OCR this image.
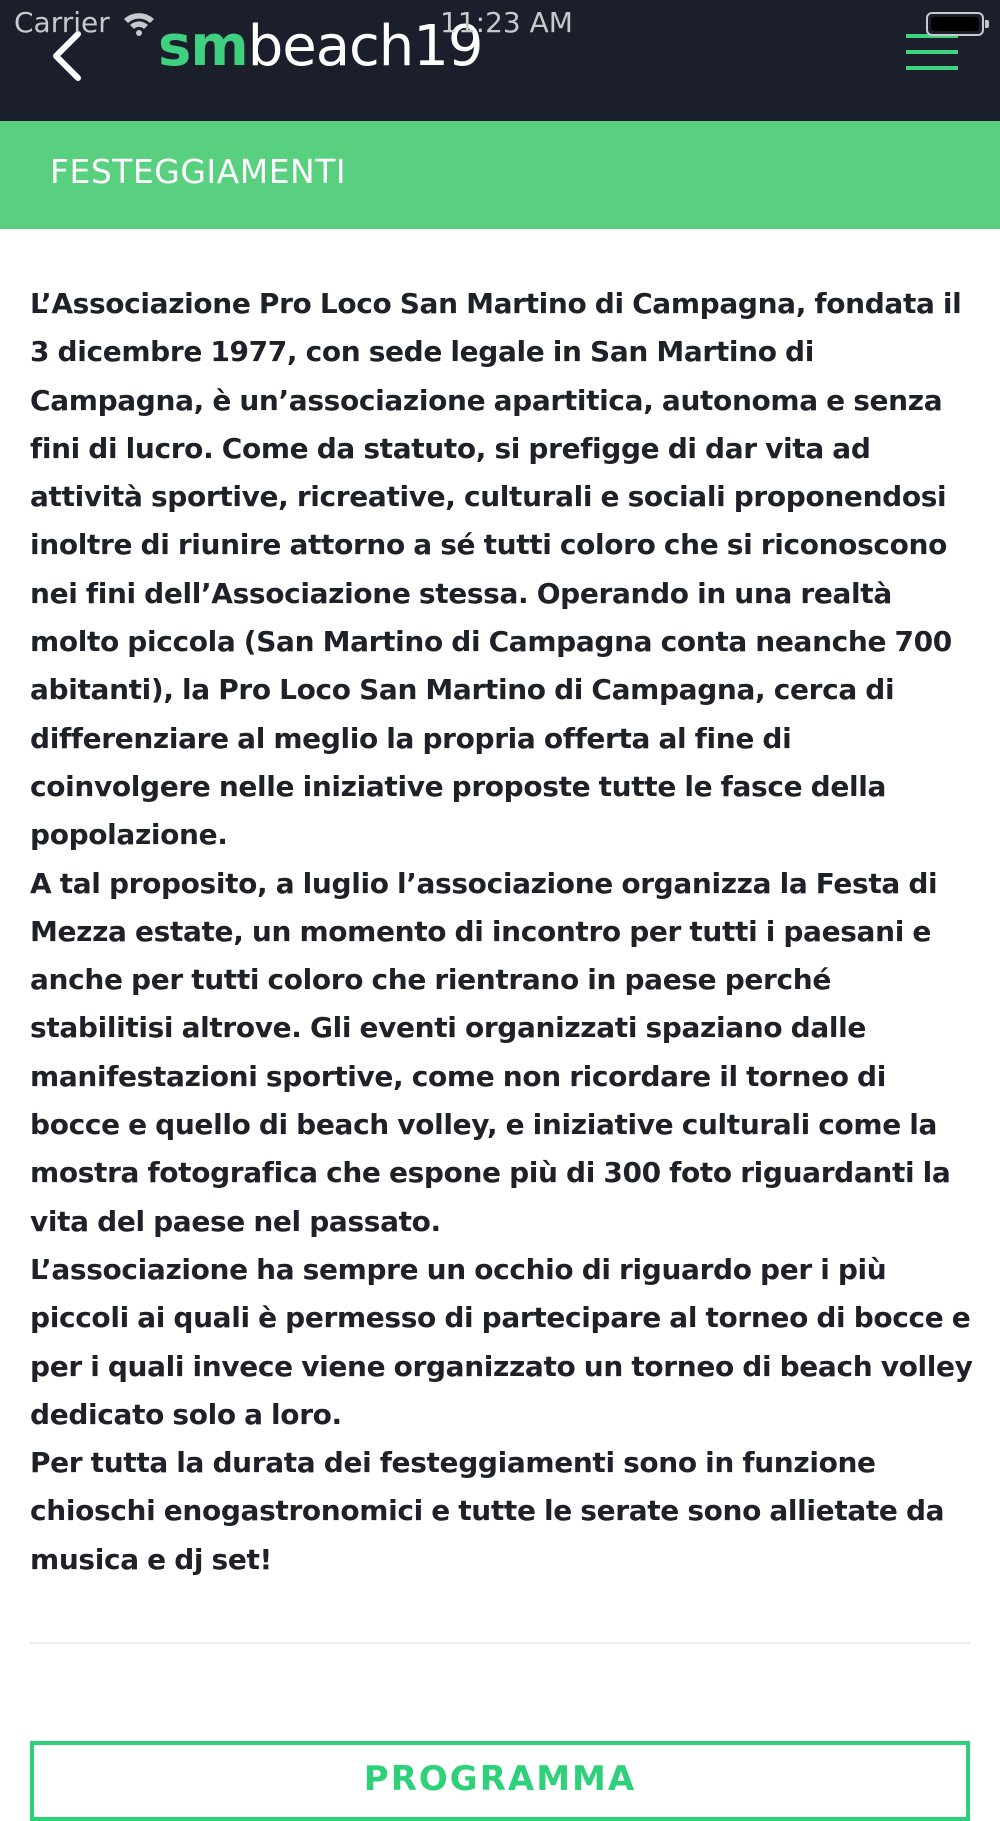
smbeach19
Carrier	11:23 AM
FESTEGGIAMENTI

L’Associazione Pro Loco San Martino di Campagna, fondata il 3 dicembre 1977, con sede legale in San Martino di Campagna, è un’associazione apartitica, autonoma e senza fini di lucro. Come da statuto, si prefigge di dar vita ad attività sportive, ricreative, culturali e sociali proponendosi inoltre di riunire attorno a sé tutti coloro che si riconoscono nei fini dell’Associazione stessa. Operando in una realtà molto piccola (San Martino di Campagna conta neanche 700 abitanti), la Pro Loco San Martino di Campagna, cerca di differenziare al meglio la propria offerta al fine di coinvolgere nelle iniziative proposte tutte le fasce della popolazione.

A tal proposito, a luglio l’associazione organizza la Festa di Mezza estate, un momento di incontro per tutti i paesani e anche per tutti coloro che rientrano in paese perché stabilitisi altrove. Gli eventi organizzati spaziano dalle manifestazioni sportive, come non ricordare il torneo di bocce e quello di beach volley, e iniziative culturali come la mostra fotografica che espone più di 300 foto riguardanti la vita del paese nel passato.

L’associazione ha sempre un occhio di riguardo per i più piccoli ai quali è permesso di partecipare al torneo di bocce e per i quali invece viene organizzato un torneo di beach volley dedicato solo a loro.

Per tutta la durata dei festeggiamenti sono in funzione chioschi enogastronomici e tutte le serate sono allietate da musica e dj set!

PROGRAMMA
